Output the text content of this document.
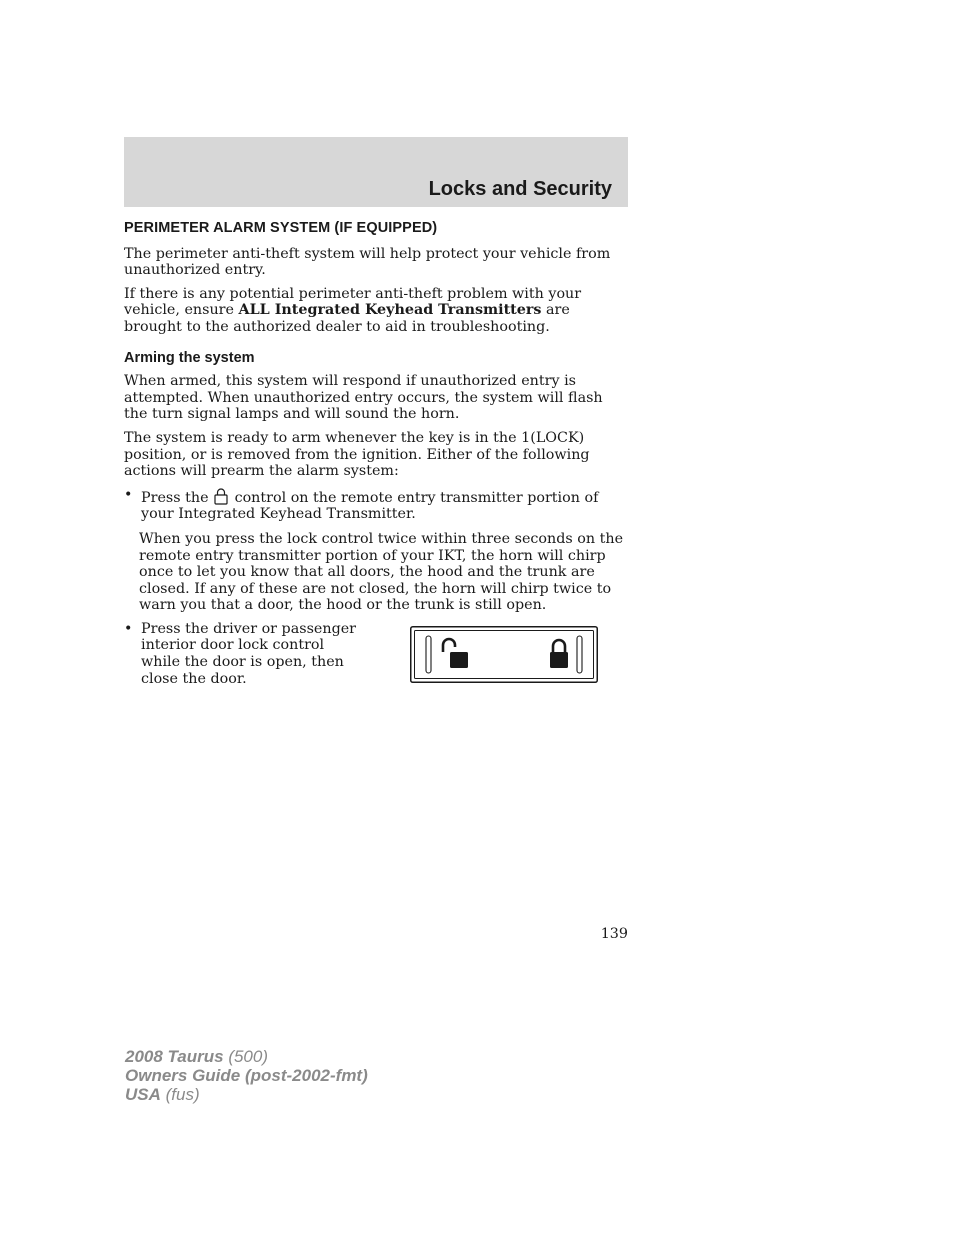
Locks and Security
PERIMETER ALARM SYSTEM (IF EQUIPPED)

The perimeter anti-theft system will help protect your vehicle from unauthorized entry.

If there is any potential perimeter anti-theft problem with your vehicle, ensure ALL Integrated Keyhead Transmitters are brought to the authorized dealer to aid in troubleshooting.

Arming the system

When armed, this system will respond if unauthorized entry is attempted. When unauthorized entry occurs, the system will flash the turn signal lamps and will sound the horn.

The system is ready to arm whenever the key is in the 1(LOCK) position, or is removed from the ignition. Either of the following actions will prearm the alarm system:

• Press the control on the remote entry transmitter portion of your Integrated Keyhead Transmitter.

When you press the lock control twice within three seconds on the remote entry transmitter portion of your IKT, the horn will chirp once to let you know that all doors, the hood and the trunk are closed. If any of these are not closed, the horn will chirp twice to warn you that a door, the hood or the trunk is still open.

• Press the driver or passenger interior door lock control while the door is open, then close the door.
139
2008 Taurus (500)
Owners Guide (post-2002-fmt)
USA (fus)
